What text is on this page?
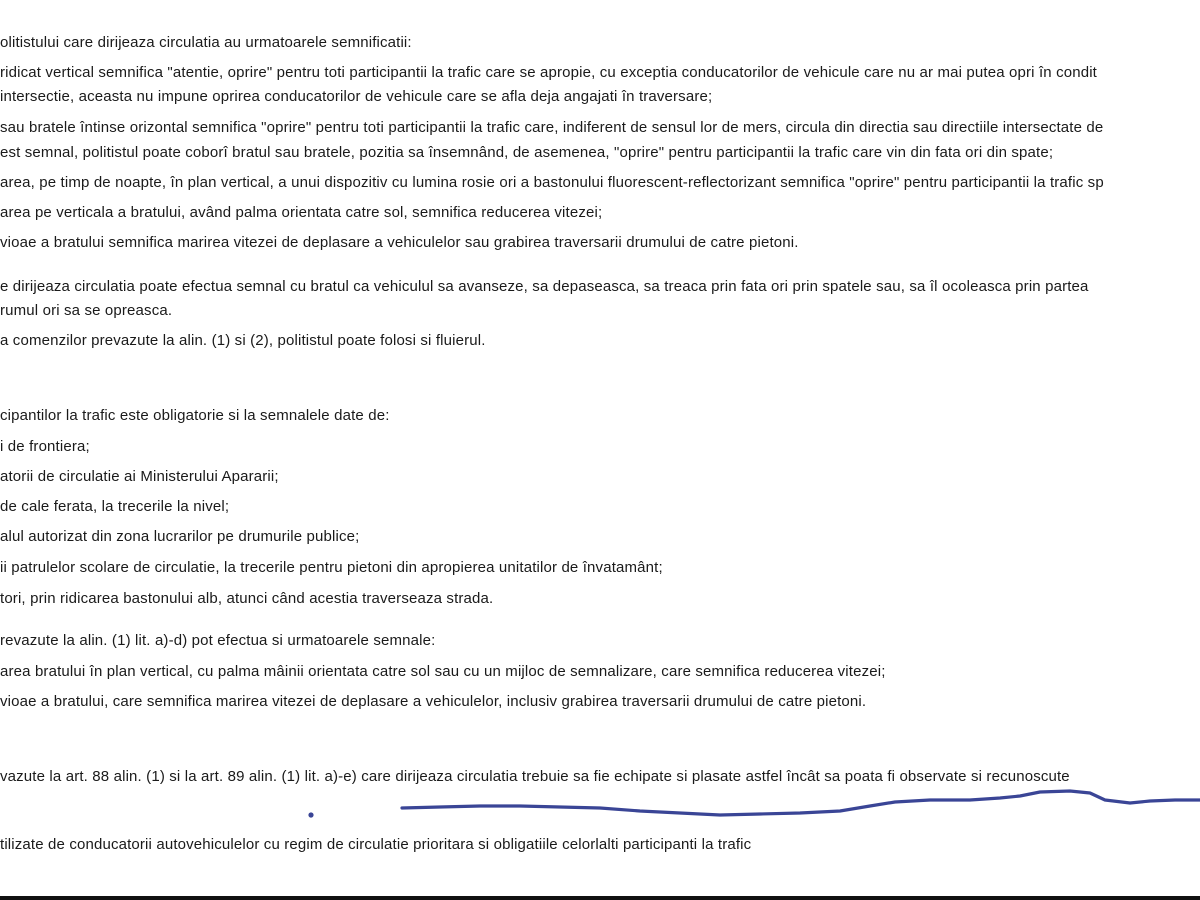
olitistului care dirijeaza circulatia au urmatoarele semnificatii:
ridicat vertical semnifica "atentie, oprire" pentru toti participantii la trafic care se apropie, cu exceptia conducatorilor de vehicule care nu ar mai putea opri în condit
intersectie, aceasta nu impune oprirea conducatorilor de vehicule care se afla deja angajati în traversare;
sau bratele întinse orizontal semnifica "oprire" pentru toti participantii la trafic care, indiferent de sensul lor de mers, circula din directia sau directiile intersectate de
est semnal, politistul poate coborî bratul sau bratele, pozitia sa însemnând, de asemenea, "oprire" pentru participantii la trafic care vin din fata ori din spate;
area, pe timp de noapte, în plan vertical, a unui dispozitiv cu lumina rosie ori a bastonului fluorescent-reflectorizant semnifica "oprire" pentru participantii la trafic sp
area pe verticala a bratului, având palma orientata catre sol, semnifica reducerea vitezei;
vioae a bratului semnifica marirea vitezei de deplasare a vehiculelor sau grabirea traversarii drumului de catre pietoni.
e dirijeaza circulatia poate efectua semnal cu bratul ca vehiculul sa avanseze, sa depaseasca, sa treaca prin fata ori prin spatele sau, sa îl ocoleasca prin partea
rumul ori sa se opreasca.
a comenzilor prevazute la alin. (1) si (2), politistul poate folosi si fluierul.
cipantilor la trafic este obligatorie si la semnalele date de:
i de frontiera;
atorii de circulatie ai Ministerului Apararii;
de cale ferata, la trecerile la nivel;
alul autorizat din zona lucrarilor pe drumurile publice;
ii patrulelor scolare de circulatie, la trecerile pentru pietoni din apropierea unitatilor de învatamânt;
tori, prin ridicarea bastonului alb, atunci când acestia traverseaza strada.
revazute la alin. (1) lit. a)-d) pot efectua si urmatoarele semnale:
area bratului în plan vertical, cu palma mâinii orientata catre sol sau cu un mijloc de semnalizare, care semnifica reducerea vitezei;
vioae a bratului, care semnifica marirea vitezei de deplasare a vehiculelor, inclusiv grabirea traversarii drumului de catre pietoni.
vazute la art. 88 alin. (1) si la art. 89 alin. (1) lit. a)-e) care dirijeaza circulatia trebuie sa fie echipate si plasate astfel încât sa poata fi observate si recunoscute
tilizate de conducatorii autovehiculelor cu regim de circulatie prioritara si obligatiile celorlalti participanti la trafic
